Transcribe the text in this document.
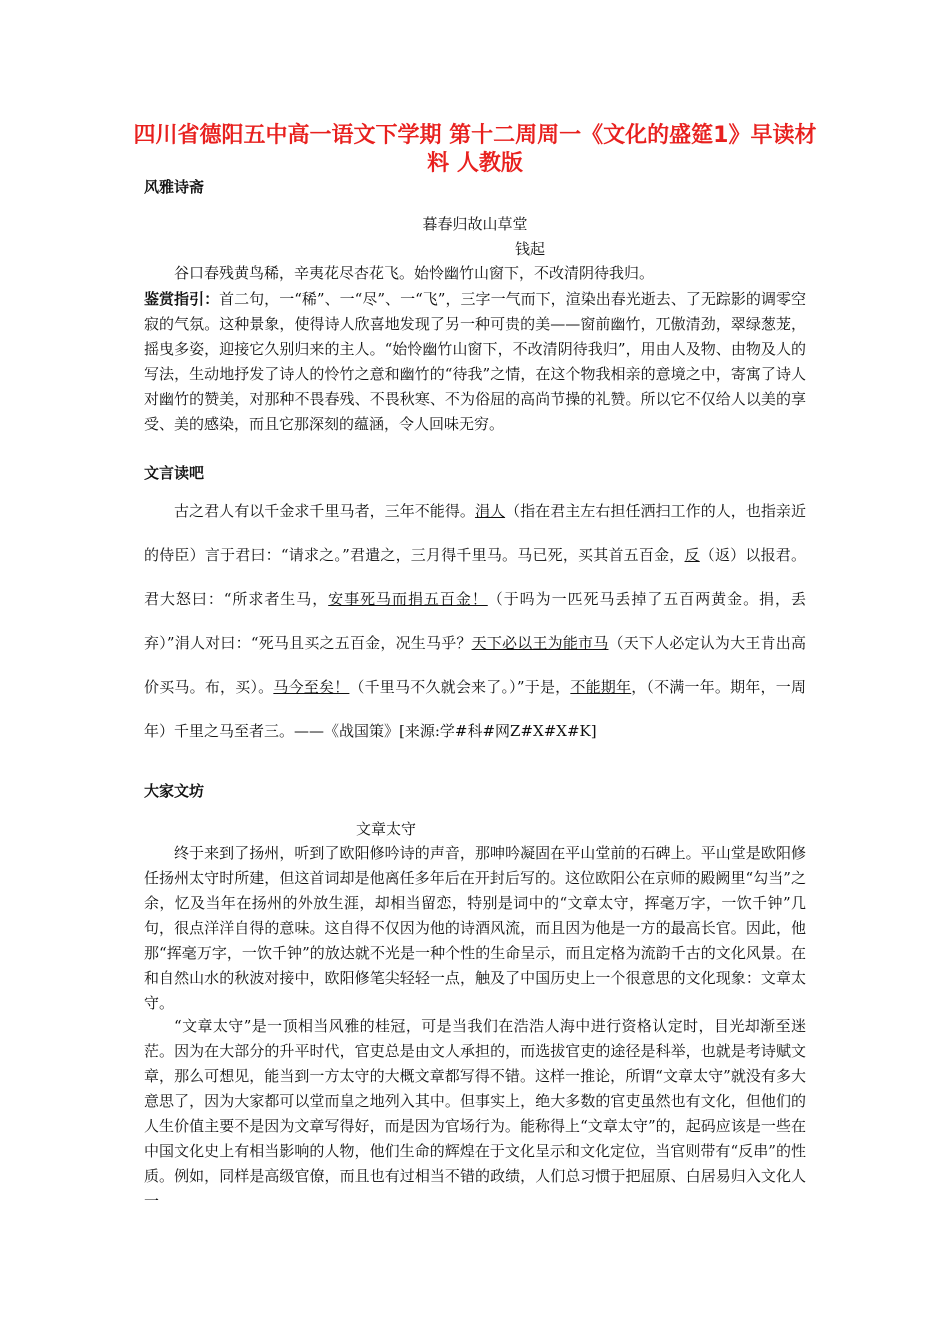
四川省德阳五中高一语文下学期 第十二周周一《文化的盛筵1》早读材料 人教版
风雅诗斋
暮春归故山草堂
钱起
谷口春残黄鸟稀，辛夷花尽杏花飞。始怜幽竹山窗下，不改清阴待我归。
鉴赏指引：首二句，一“稀”、一“尽”、一“飞”，三字一气而下，渲染出春光逝去、了无踪影的调零空寂的气氛。这种景象，使得诗人欣喜地发现了另一种可贵的美——窗前幽竹，兀傲清劲，翠绿葱茏，摇曳多姿，迎接它久别归来的主人。“始怜幽竹山窗下，不改清阴待我归”，用由人及物、由物及人的写法，生动地抒发了诗人的怜竹之意和幽竹的“待我”之情，在这个物我相亲的意境之中，寄寓了诗人对幽竹的赞美，对那种不畏春残、不畏秋寒、不为俗屈的高尚节操的礼赞。所以它不仅给人以美的享受、美的感染，而且它那深刻的蕴涵，令人回味无穷。
文言读吧
古之君人有以千金求千里马者，三年不能得。涓人（指在君主左右担任洒扫工作的人，也指亲近的侍臣）言于君曰：“请求之。”君遣之，三月得千里马。马已死，买其首五百金，反（返）以报君。君大怒曰：“所求者生马，安事死马而捐五百金！（于吗为一匹死马丢掉了五百两黄金。捐，丢弃）”涓人对曰：“死马且买之五百金，况生马乎？天下必以王为能市马（天下人必定认为大王肯出高价买马。布，买）。马今至矣！（千里马不久就会来了。）”于是，不能期年，（不满一年。期年，一周年）千里之马至者三。——《战国策》[来源:学#科#网Z#X#X#K]
大家文坊
文章太守
终于来到了扬州，听到了欧阳修吟诗的声音，那呻吟凝固在平山堂前的石碑上。平山堂是欧阳修任扬州太守时所建，但这首词却是他离任多年后在开封后写的。这位欧阳公在京师的殿阙里“勾当”之余，忆及当年在扬州的外放生涯，却相当留恋，特别是词中的“文章太守，挥毫万字，一饮千钟”几句，很点洋洋自得的意味。这自得不仅因为他的诗酒风流，而且因为他是一方的最高长官。因此，他那“挥毫万字，一饮千钟”的放达就不光是一种个性的生命呈示，而且定格为流韵千古的文化风景。在和自然山水的秋波对接中，欧阳修笔尖轻轻一点，触及了中国历史上一个很意思的文化现象：文章太守。
“文章太守”是一顶相当风雅的桂冠，可是当我们在浩浩人海中进行资格认定时，目光却渐至迷茫。因为在大部分的升平时代，官吏总是由文人承担的，而选拔官吏的途径是科举，也就是考诗赋文章，那么可想见，能当到一方太守的大概文章都写得不错。这样一推论，所谓“文章太守”就没有多大意思了，因为大家都可以堂而皇之地列入其中。但事实上，绝大多数的官吏虽然也有文化，但他们的人生价值主要不是因为文章写得好，而是因为官场行为。能称得上“文章太守”的，起码应该是一些在中国文化史上有相当影响的人物，他们生命的辉煌在于文化呈示和文化定位，当官则带有“反串”的性质。例如，同样是高级官僚，而且也有过相当不错的政绩，人们总习惯于把屈原、白居易归入文化人一
